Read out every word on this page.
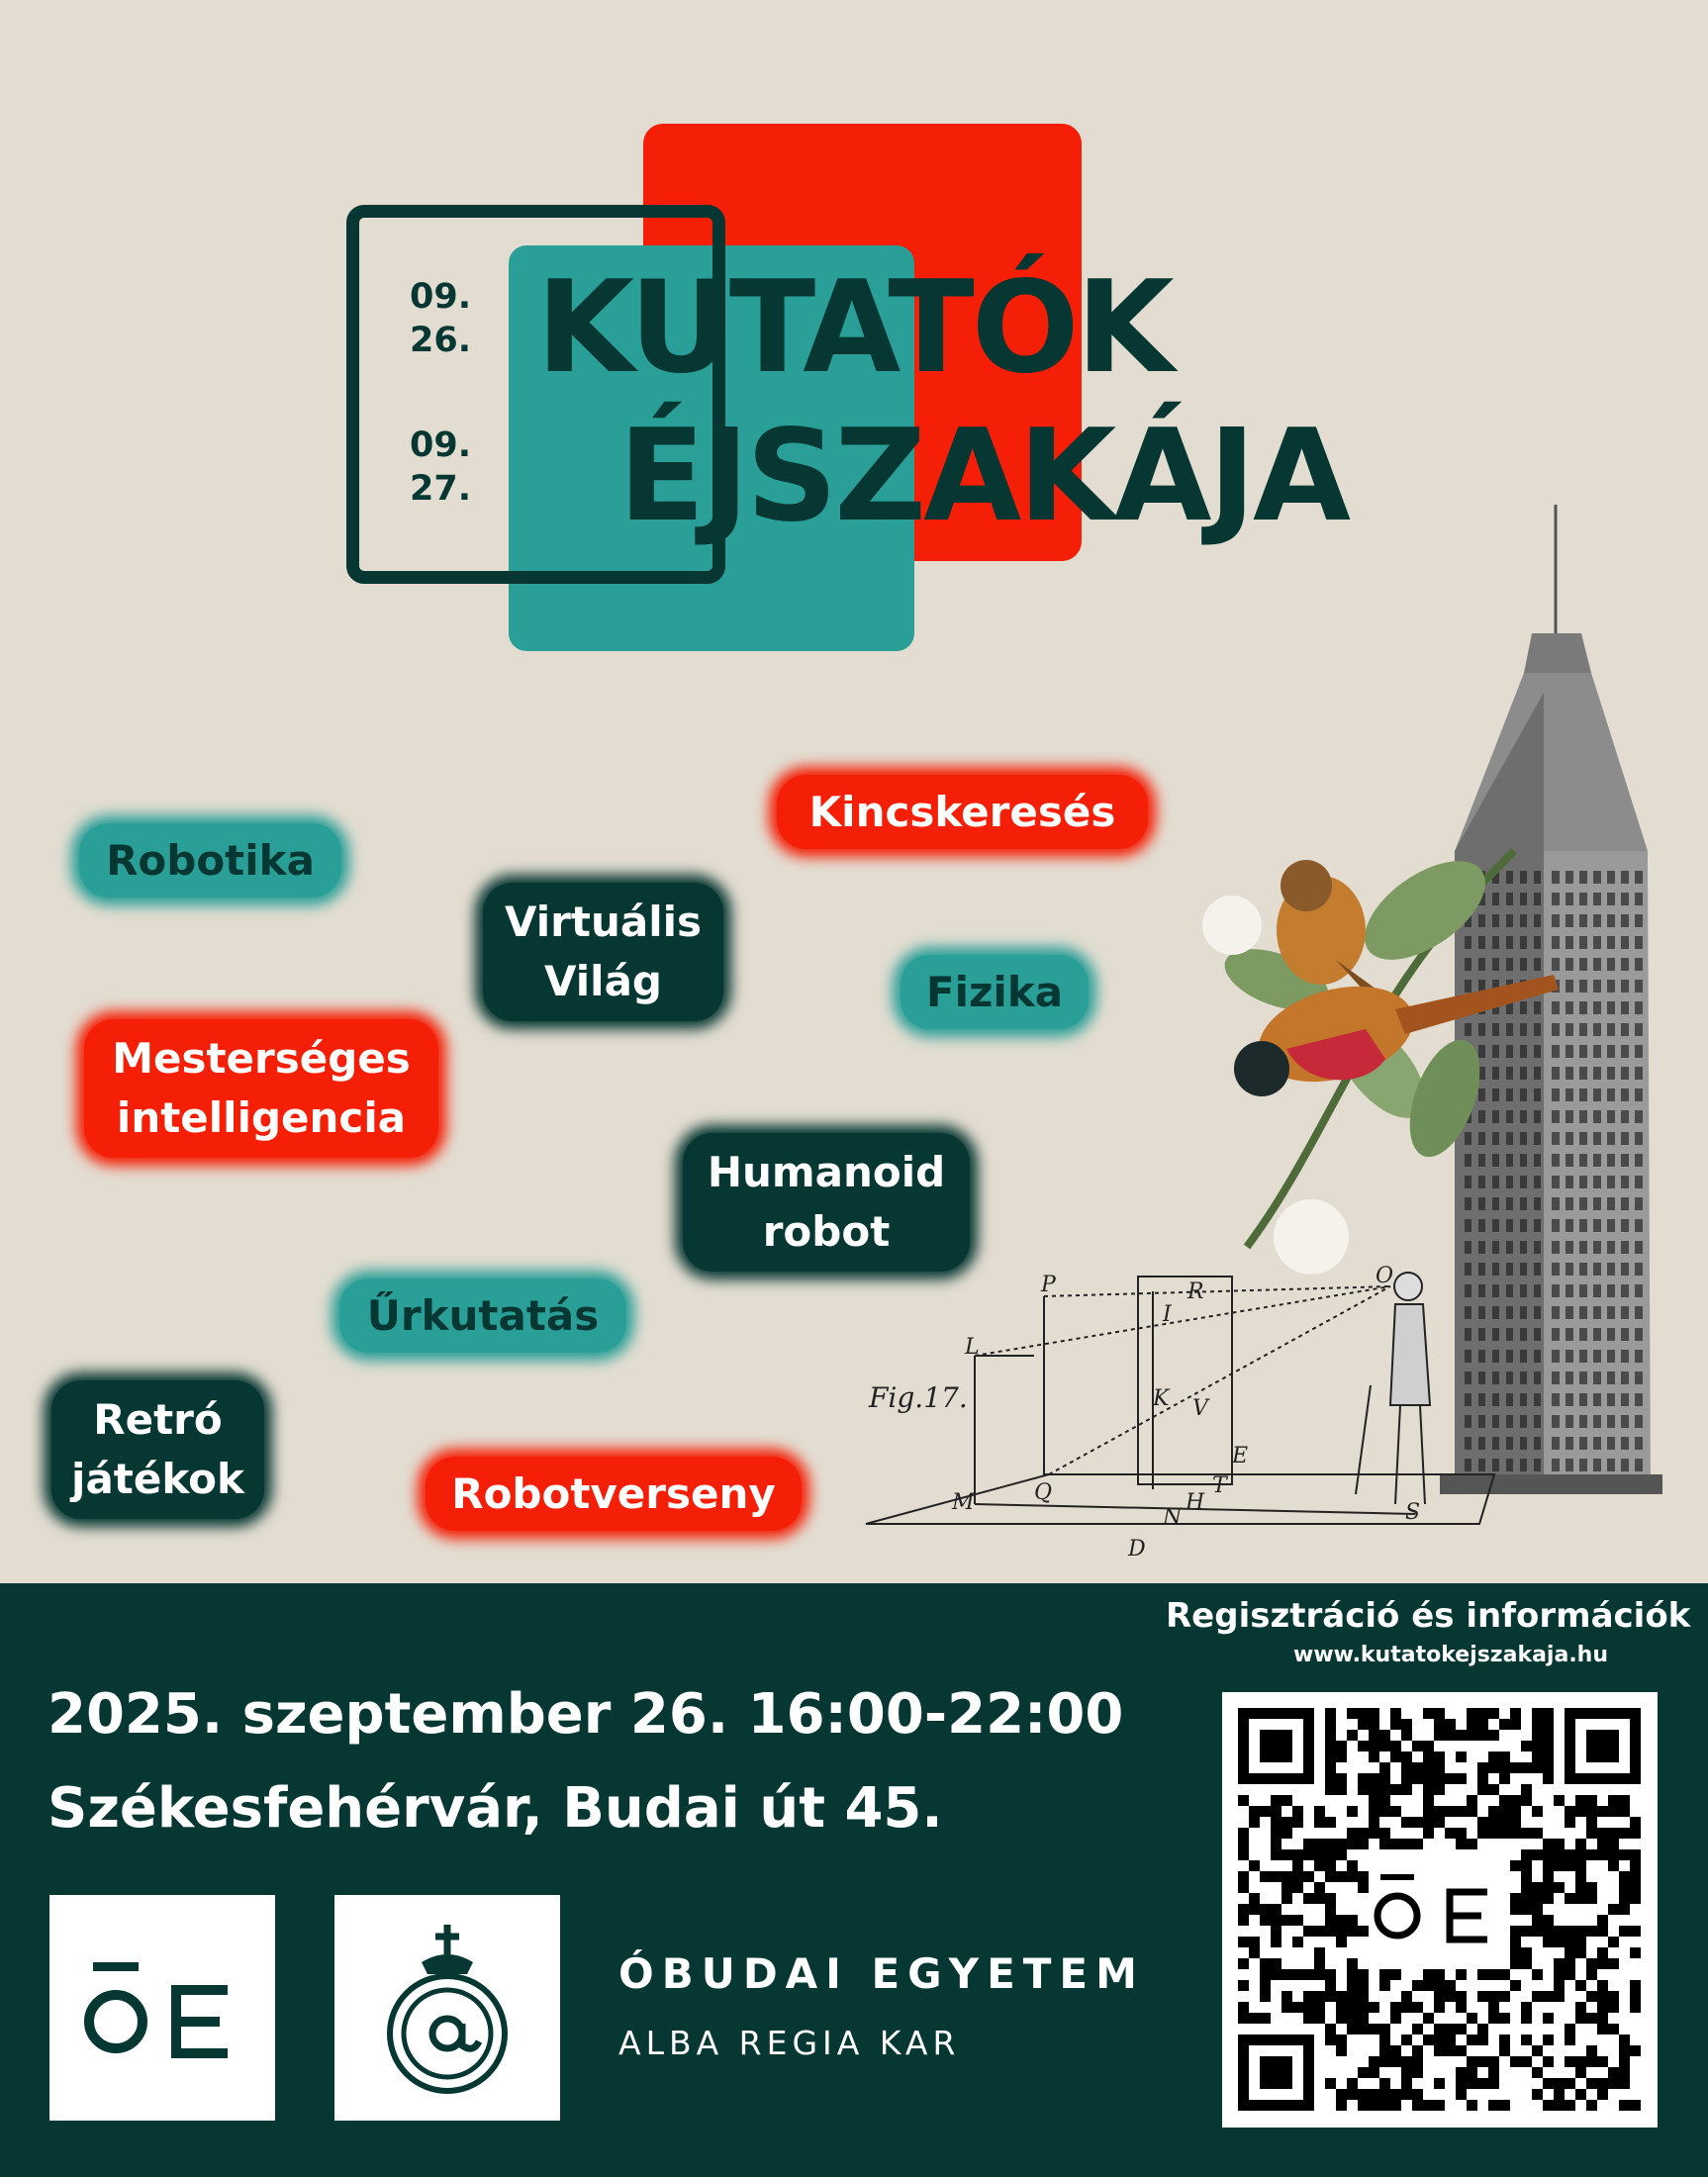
09.
26.
09.
27.
KUTATÓK
ÉJSZAKÁJA
Kincskeresés
Robotika
Virtuális
Világ	Fizika
Mesterséges
intelligencia
Humanoid
robot
Űrkutatás
Retró
játékok	Robotverseny
P	R
O
I
L
K V
E
M	Q	H
T
N
D
S
Fig.17.
Regisztráció és információk
www.kutatokejszakaja.hu
2025. szeptember 26. 16:00-22:00
Székesfehérvár, Budai út 45.
ÓBUDAI EGYETEM
ALBA REGIA KAR
